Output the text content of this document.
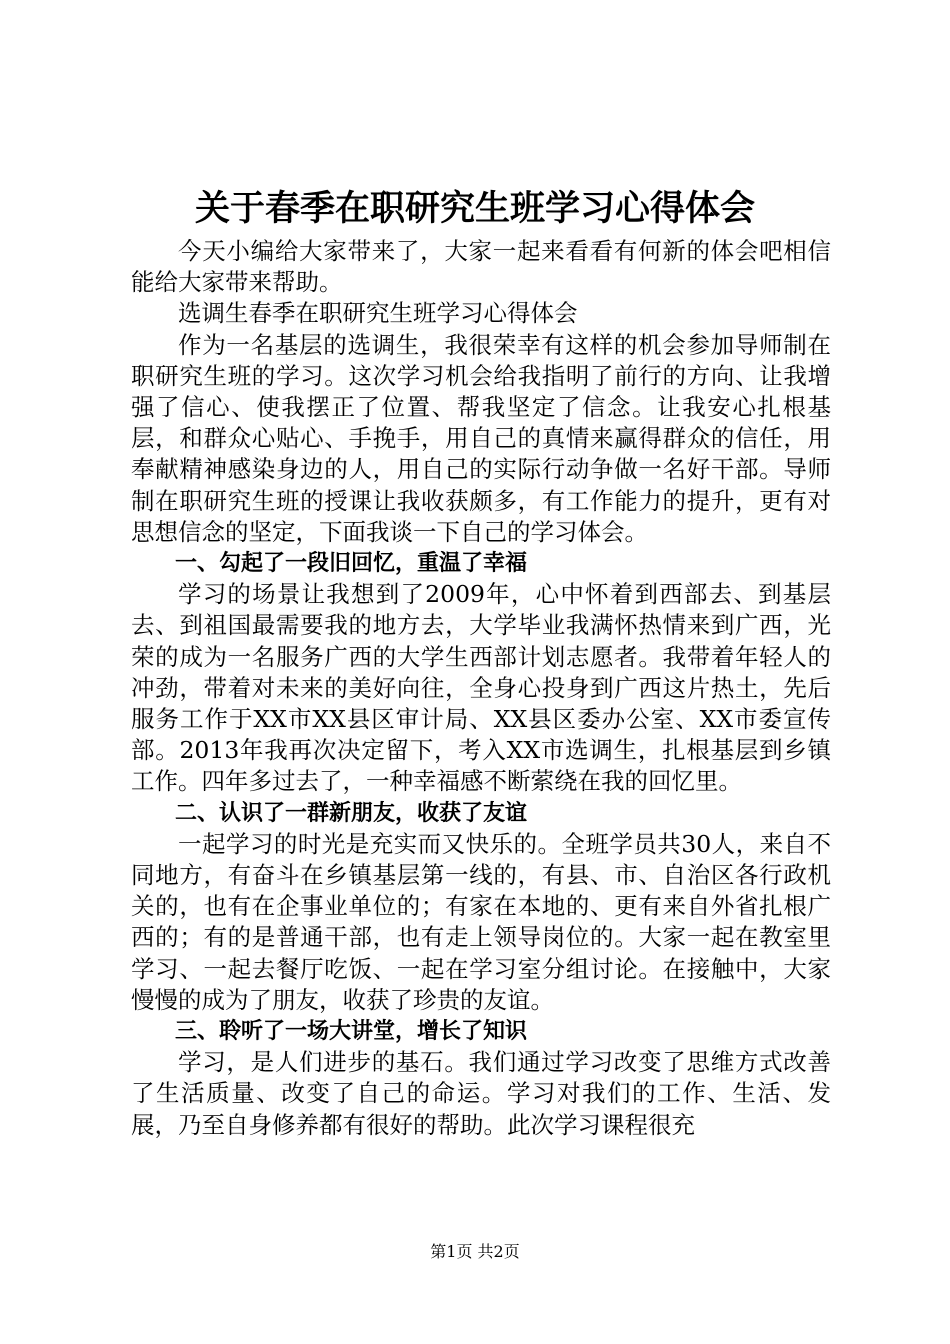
关于春季在职研究生班学习心得体会

今天小编给大家带来了，大家一起来看看有何新的体会吧相信能给大家带来帮助。

选调生春季在职研究生班学习心得体会

作为一名基层的选调生，我很荣幸有这样的机会参加导师制在职研究生班的学习。这次学习机会给我指明了前行的方向、让我增强了信心、使我摆正了位置、帮我坚定了信念。让我安心扎根基层，和群众心贴心、手挽手，用自己的真情来赢得群众的信任，用奉献精神感染身边的人，用自己的实际行动争做一名好干部。导师制在职研究生班的授课让我收获颇多，有工作能力的提升，更有对思想信念的坚定，下面我谈一下自己的学习体会。

一、勾起了一段旧回忆，重温了幸福

学习的场景让我想到了2009年，心中怀着到西部去、到基层去、到祖国最需要我的地方去，大学毕业我满怀热情来到广西，光荣的成为一名服务广西的大学生西部计划志愿者。我带着年轻人的冲劲，带着对未来的美好向往，全身心投身到广西这片热土，先后服务工作于XX市XX县区审计局、XX县区委办公室、XX市委宣传部。2013年我再次决定留下，考入XX市选调生，扎根基层到乡镇工作。四年多过去了，一种幸福感不断萦绕在我的回忆里。

二、认识了一群新朋友，收获了友谊

一起学习的时光是充实而又快乐的。全班学员共30人，来自不同地方，有奋斗在乡镇基层第一线的，有县、市、自治区各行政机关的，也有在企事业单位的；有家在本地的、更有来自外省扎根广西的；有的是普通干部，也有走上领导岗位的。大家一起在教室里学习、一起去餐厅吃饭、一起在学习室分组讨论。在接触中，大家慢慢的成为了朋友，收获了珍贵的友谊。

三、聆听了一场大讲堂，增长了知识

学习，是人们进步的基石。我们通过学习改变了思维方式改善了生活质量、改变了自己的命运。学习对我们的工作、生活、发展，乃至自身修养都有很好的帮助。此次学习课程很充

第1页 共2页
